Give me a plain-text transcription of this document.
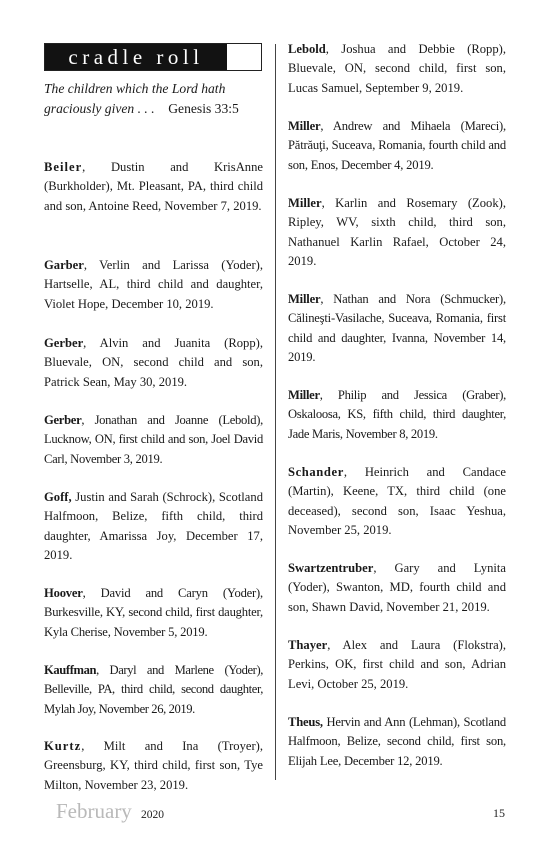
cradle roll
The children which the Lord hath graciously given . . . Genesis 33:5

Beiler, Dustin and KrisAnne (Burkholder), Mt. Pleasant, PA, third child and son, Antoine Reed, November 7, 2019.

Garber, Verlin and Larissa (Yoder), Hartselle, AL, third child and daughter, Violet Hope, December 10, 2019.

Gerber, Alvin and Juanita (Ropp), Bluevale, ON, second child and son, Patrick Sean, May 30, 2019.

Gerber, Jonathan and Joanne (Lebold), Lucknow, ON, first child and son, Joel David Carl, November 3, 2019.

Goff, Justin and Sarah (Schrock), Scotland Halfmoon, Belize, fifth child, third daughter, Amarissa Joy, December 17, 2019.

Hoover, David and Caryn (Yoder), Burkesville, KY, second child, first daughter, Kyla Cherise, November 5, 2019.

Kauffman, Daryl and Marlene (Yoder), Belleville, PA, third child, second daughter, Mylah Joy, November 26, 2019.

Kurtz, Milt and Ina (Troyer), Greensburg, KY, third child, first son, Tye Milton, November 23, 2019.

Lebold, Joshua and Debbie (Ropp), Bluevale, ON, second child, first son, Lucas Samuel, September 9, 2019.

Miller, Andrew and Mihaela (Mareci), Pătrăuţi, Suceava, Romania, fourth child and son, Enos, December 4, 2019.

Miller, Karlin and Rosemary (Zook), Ripley, WV, sixth child, third son, Nathanuel Karlin Rafael, October 24, 2019.

Miller, Nathan and Nora (Schmucker), Călineşti-Vasilache, Suceava, Romania, first child and daughter, Ivanna, November 14, 2019.

Miller, Philip and Jessica (Graber), Oskaloosa, KS, fifth child, third daughter, Jade Maris, November 8, 2019.

Schander, Heinrich and Candace (Martin), Keene, TX, third child (one deceased), second son, Isaac Yeshua, November 25, 2019.

Swartzentruber, Gary and Lynita (Yoder), Swanton, MD, fourth child and son, Shawn David, November 21, 2019.

Thayer, Alex and Laura (Flokstra), Perkins, OK, first child and son, Adrian Levi, October 25, 2019.

Theus, Hervin and Ann (Lehman), Scotland Halfmoon, Belize, second child, first son, Elijah Lee, December 12, 2019.

February 2020	15
